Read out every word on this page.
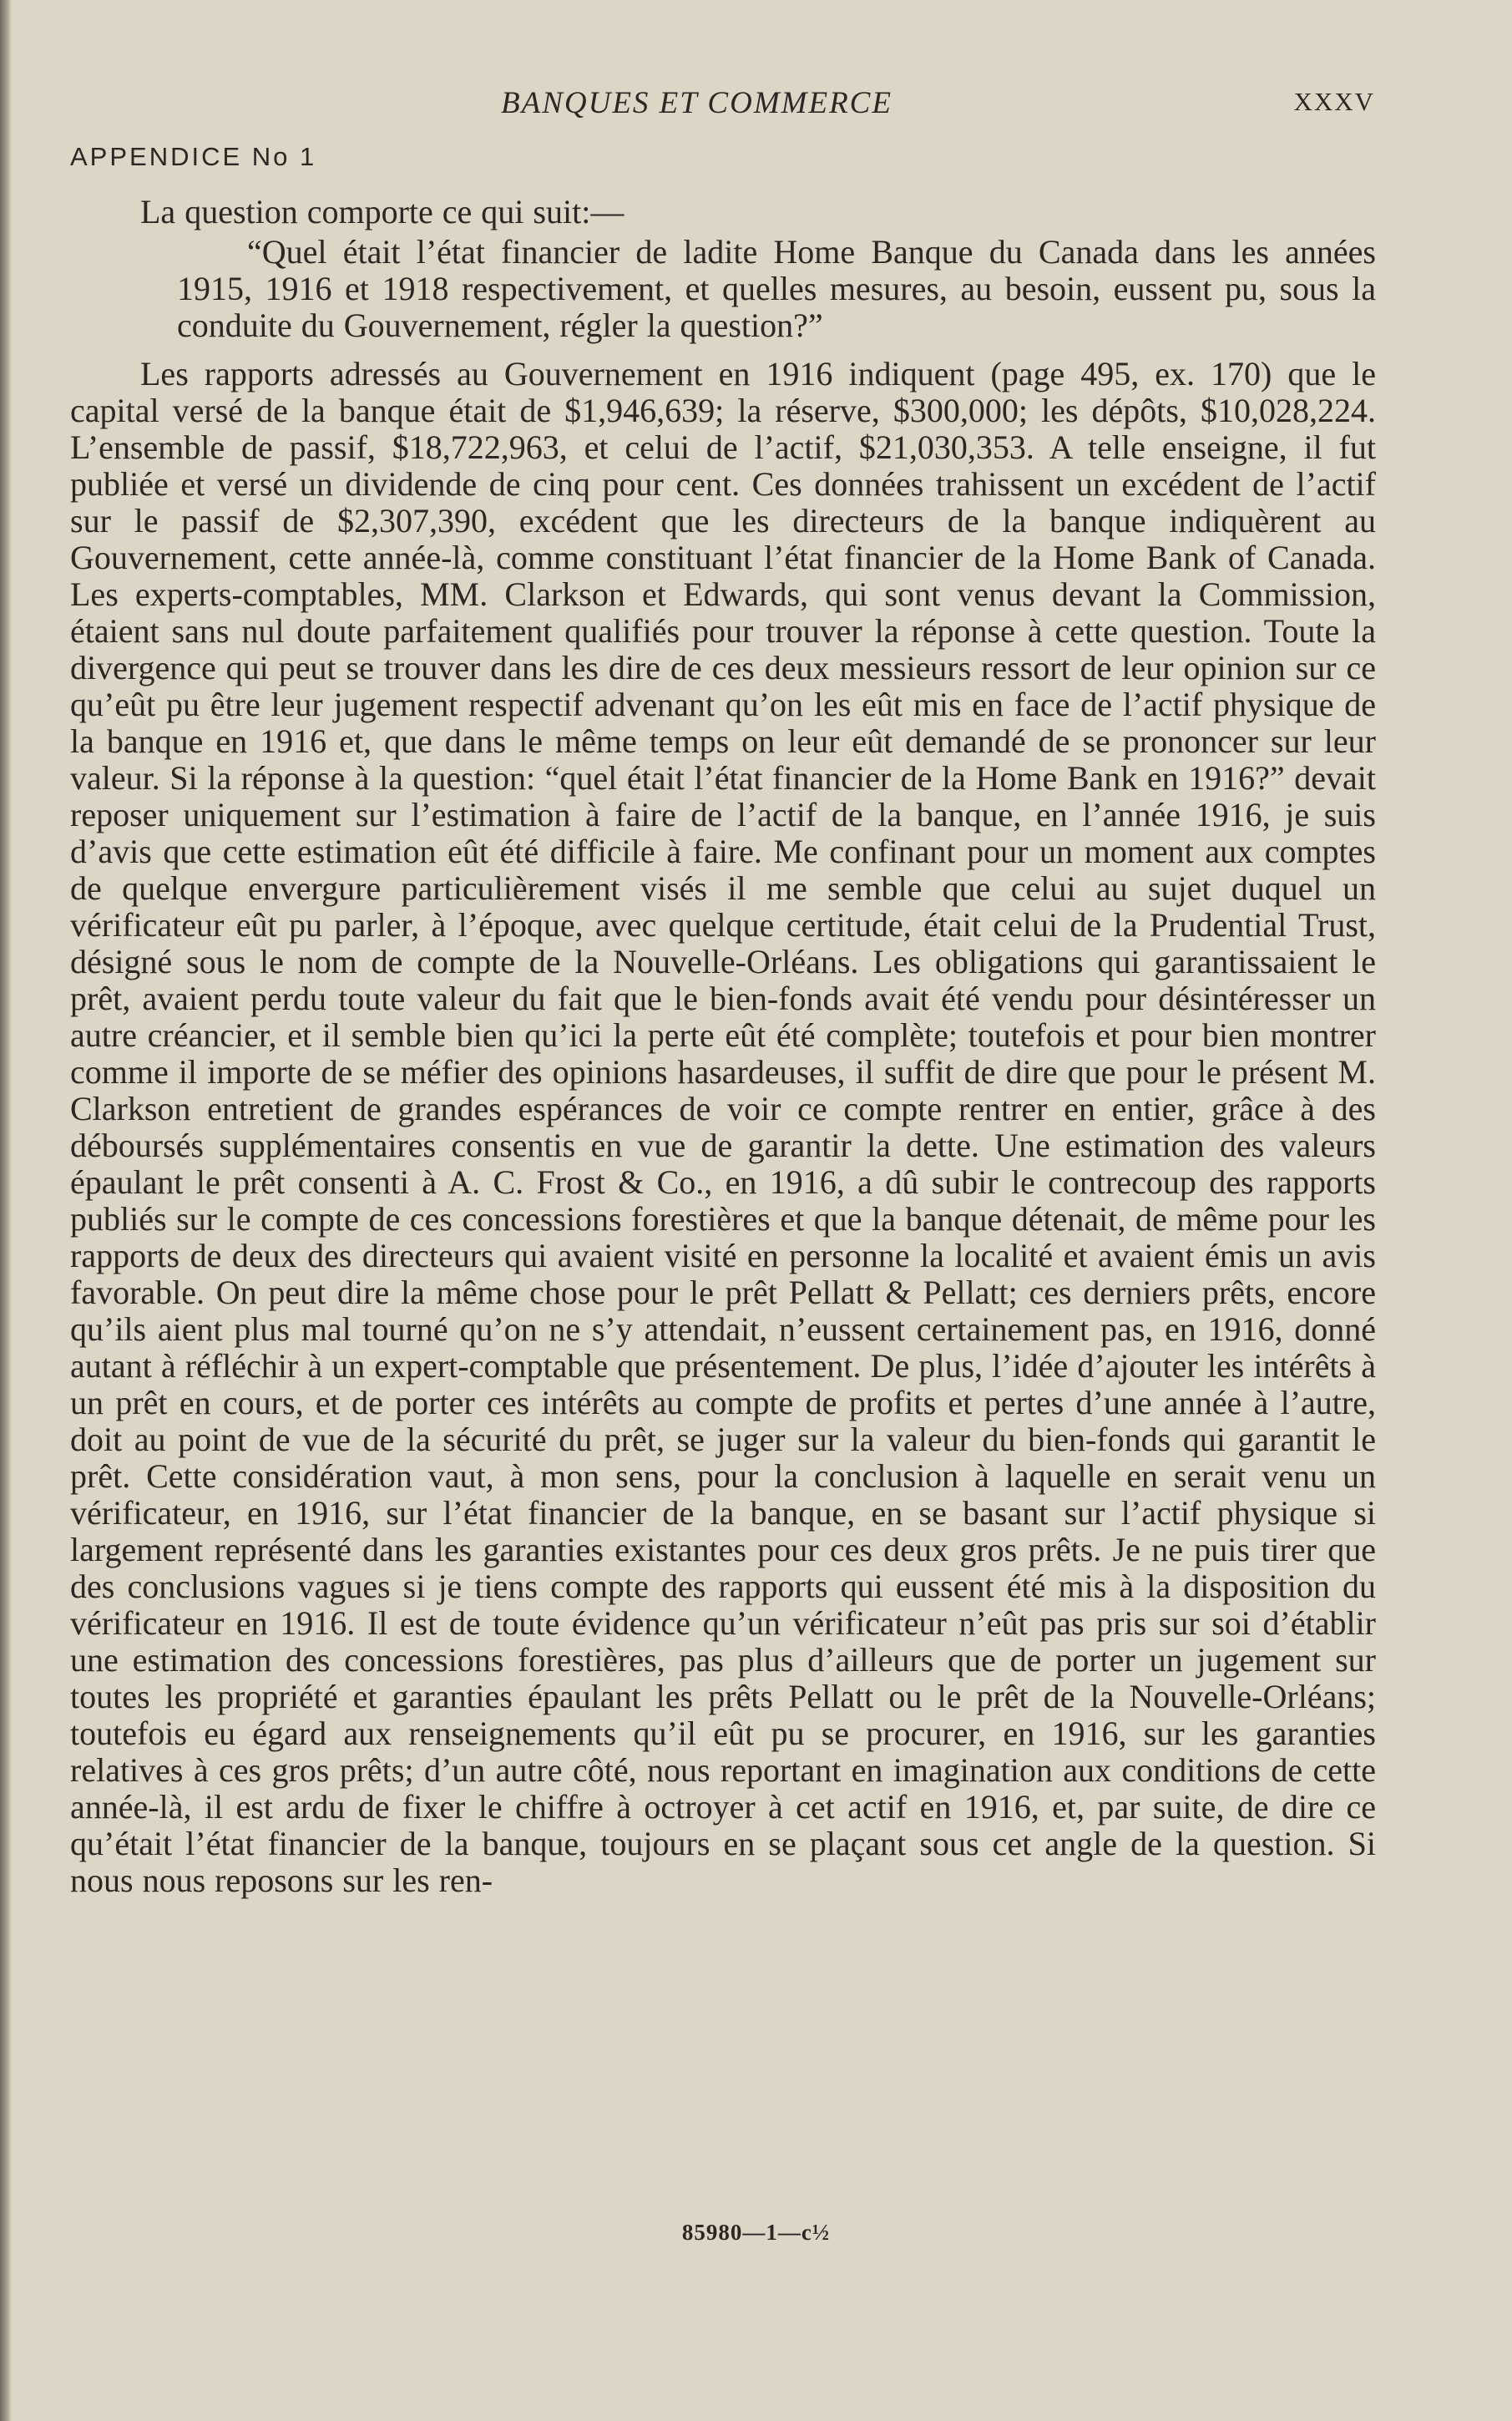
BANQUES ET COMMERCE	XXXV
APPENDICE No 1

La question comporte ce qui suit:—

“Quel était l’état financier de ladite Home Banque du Canada dans les années 1915, 1916 et 1918 respectivement, et quelles mesures, au besoin, eussent pu, sous la conduite du Gouvernement, régler la question?”

Les rapports adressés au Gouvernement en 1916 indiquent (page 495, ex. 170) que le capital versé de la banque était de $1,946,639; la réserve, $300,000; les dépôts, $10,028,224. L’ensemble de passif, $18,722,963, et celui de l’actif, $21,030,353. A telle enseigne, il fut publiée et versé un dividende de cinq pour cent. Ces données trahissent un excédent de l’actif sur le passif de $2,307,390, excédent que les directeurs de la banque indiquèrent au Gouvernement, cette année-là, comme constituant l’état financier de la Home Bank of Canada. Les experts-comptables, MM. Clarkson et Edwards, qui sont venus devant la Commission, étaient sans nul doute parfaitement qualifiés pour trouver la réponse à cette question. Toute la divergence qui peut se trouver dans les dire de ces deux messieurs ressort de leur opinion sur ce qu’eût pu être leur jugement respectif advenant qu’on les eût mis en face de l’actif physique de la banque en 1916 et, que dans le même temps on leur eût demandé de se prononcer sur leur valeur. Si la réponse à la question: “quel était l’état financier de la Home Bank en 1916?” devait reposer uniquement sur l’estimation à faire de l’actif de la banque, en l’année 1916, je suis d’avis que cette estimation eût été difficile à faire. Me confinant pour un moment aux comptes de quelque envergure particulièrement visés il me semble que celui au sujet duquel un vérificateur eût pu parler, à l’époque, avec quelque certitude, était celui de la Prudential Trust, désigné sous le nom de compte de la Nouvelle-Orléans. Les obligations qui garantissaient le prêt, avaient perdu toute valeur du fait que le bien-fonds avait été vendu pour désintéresser un autre créancier, et il semble bien qu’ici la perte eût été complète; toutefois et pour bien montrer comme il importe de se méfier des opinions hasardeuses, il suffit de dire que pour le présent M. Clarkson entretient de grandes espérances de voir ce compte rentrer en entier, grâce à des déboursés supplémentaires consentis en vue de garantir la dette. Une estimation des valeurs épaulant le prêt consenti à A. C. Frost & Co., en 1916, a dû subir le contrecoup des rapports publiés sur le compte de ces concessions forestières et que la banque détenait, de même pour les rapports de deux des directeurs qui avaient visité en personne la localité et avaient émis un avis favorable. On peut dire la même chose pour le prêt Pellatt & Pellatt; ces derniers prêts, encore qu’ils aient plus mal tourné qu’on ne s’y attendait, n’eussent certainement pas, en 1916, donné autant à réfléchir à un expert-comptable que présentement. De plus, l’idée d’ajouter les intérêts à un prêt en cours, et de porter ces intérêts au compte de profits et pertes d’une année à l’autre, doit au point de vue de la sécurité du prêt, se juger sur la valeur du bien-fonds qui garantit le prêt. Cette considération vaut, à mon sens, pour la conclusion à laquelle en serait venu un vérificateur, en 1916, sur l’état financier de la banque, en se basant sur l’actif physique si largement représenté dans les garanties existantes pour ces deux gros prêts. Je ne puis tirer que des conclusions vagues si je tiens compte des rapports qui eussent été mis à la disposition du vérificateur en 1916. Il est de toute évidence qu’un vérificateur n’eût pas pris sur soi d’établir une estimation des concessions forestières, pas plus d’ailleurs que de porter un jugement sur toutes les propriété et garanties épaulant les prêts Pellatt ou le prêt de la Nouvelle-Orléans; toutefois eu égard aux renseignements qu’il eût pu se procurer, en 1916, sur les garanties relatives à ces gros prêts; d’un autre côté, nous reportant en imagination aux conditions de cette année-là, il est ardu de fixer le chiffre à octroyer à cet actif en 1916, et, par suite, de dire ce qu’était l’état financier de la banque, toujours en se plaçant sous cet angle de la question. Si nous nous reposons sur les ren-

85980—1—c½
